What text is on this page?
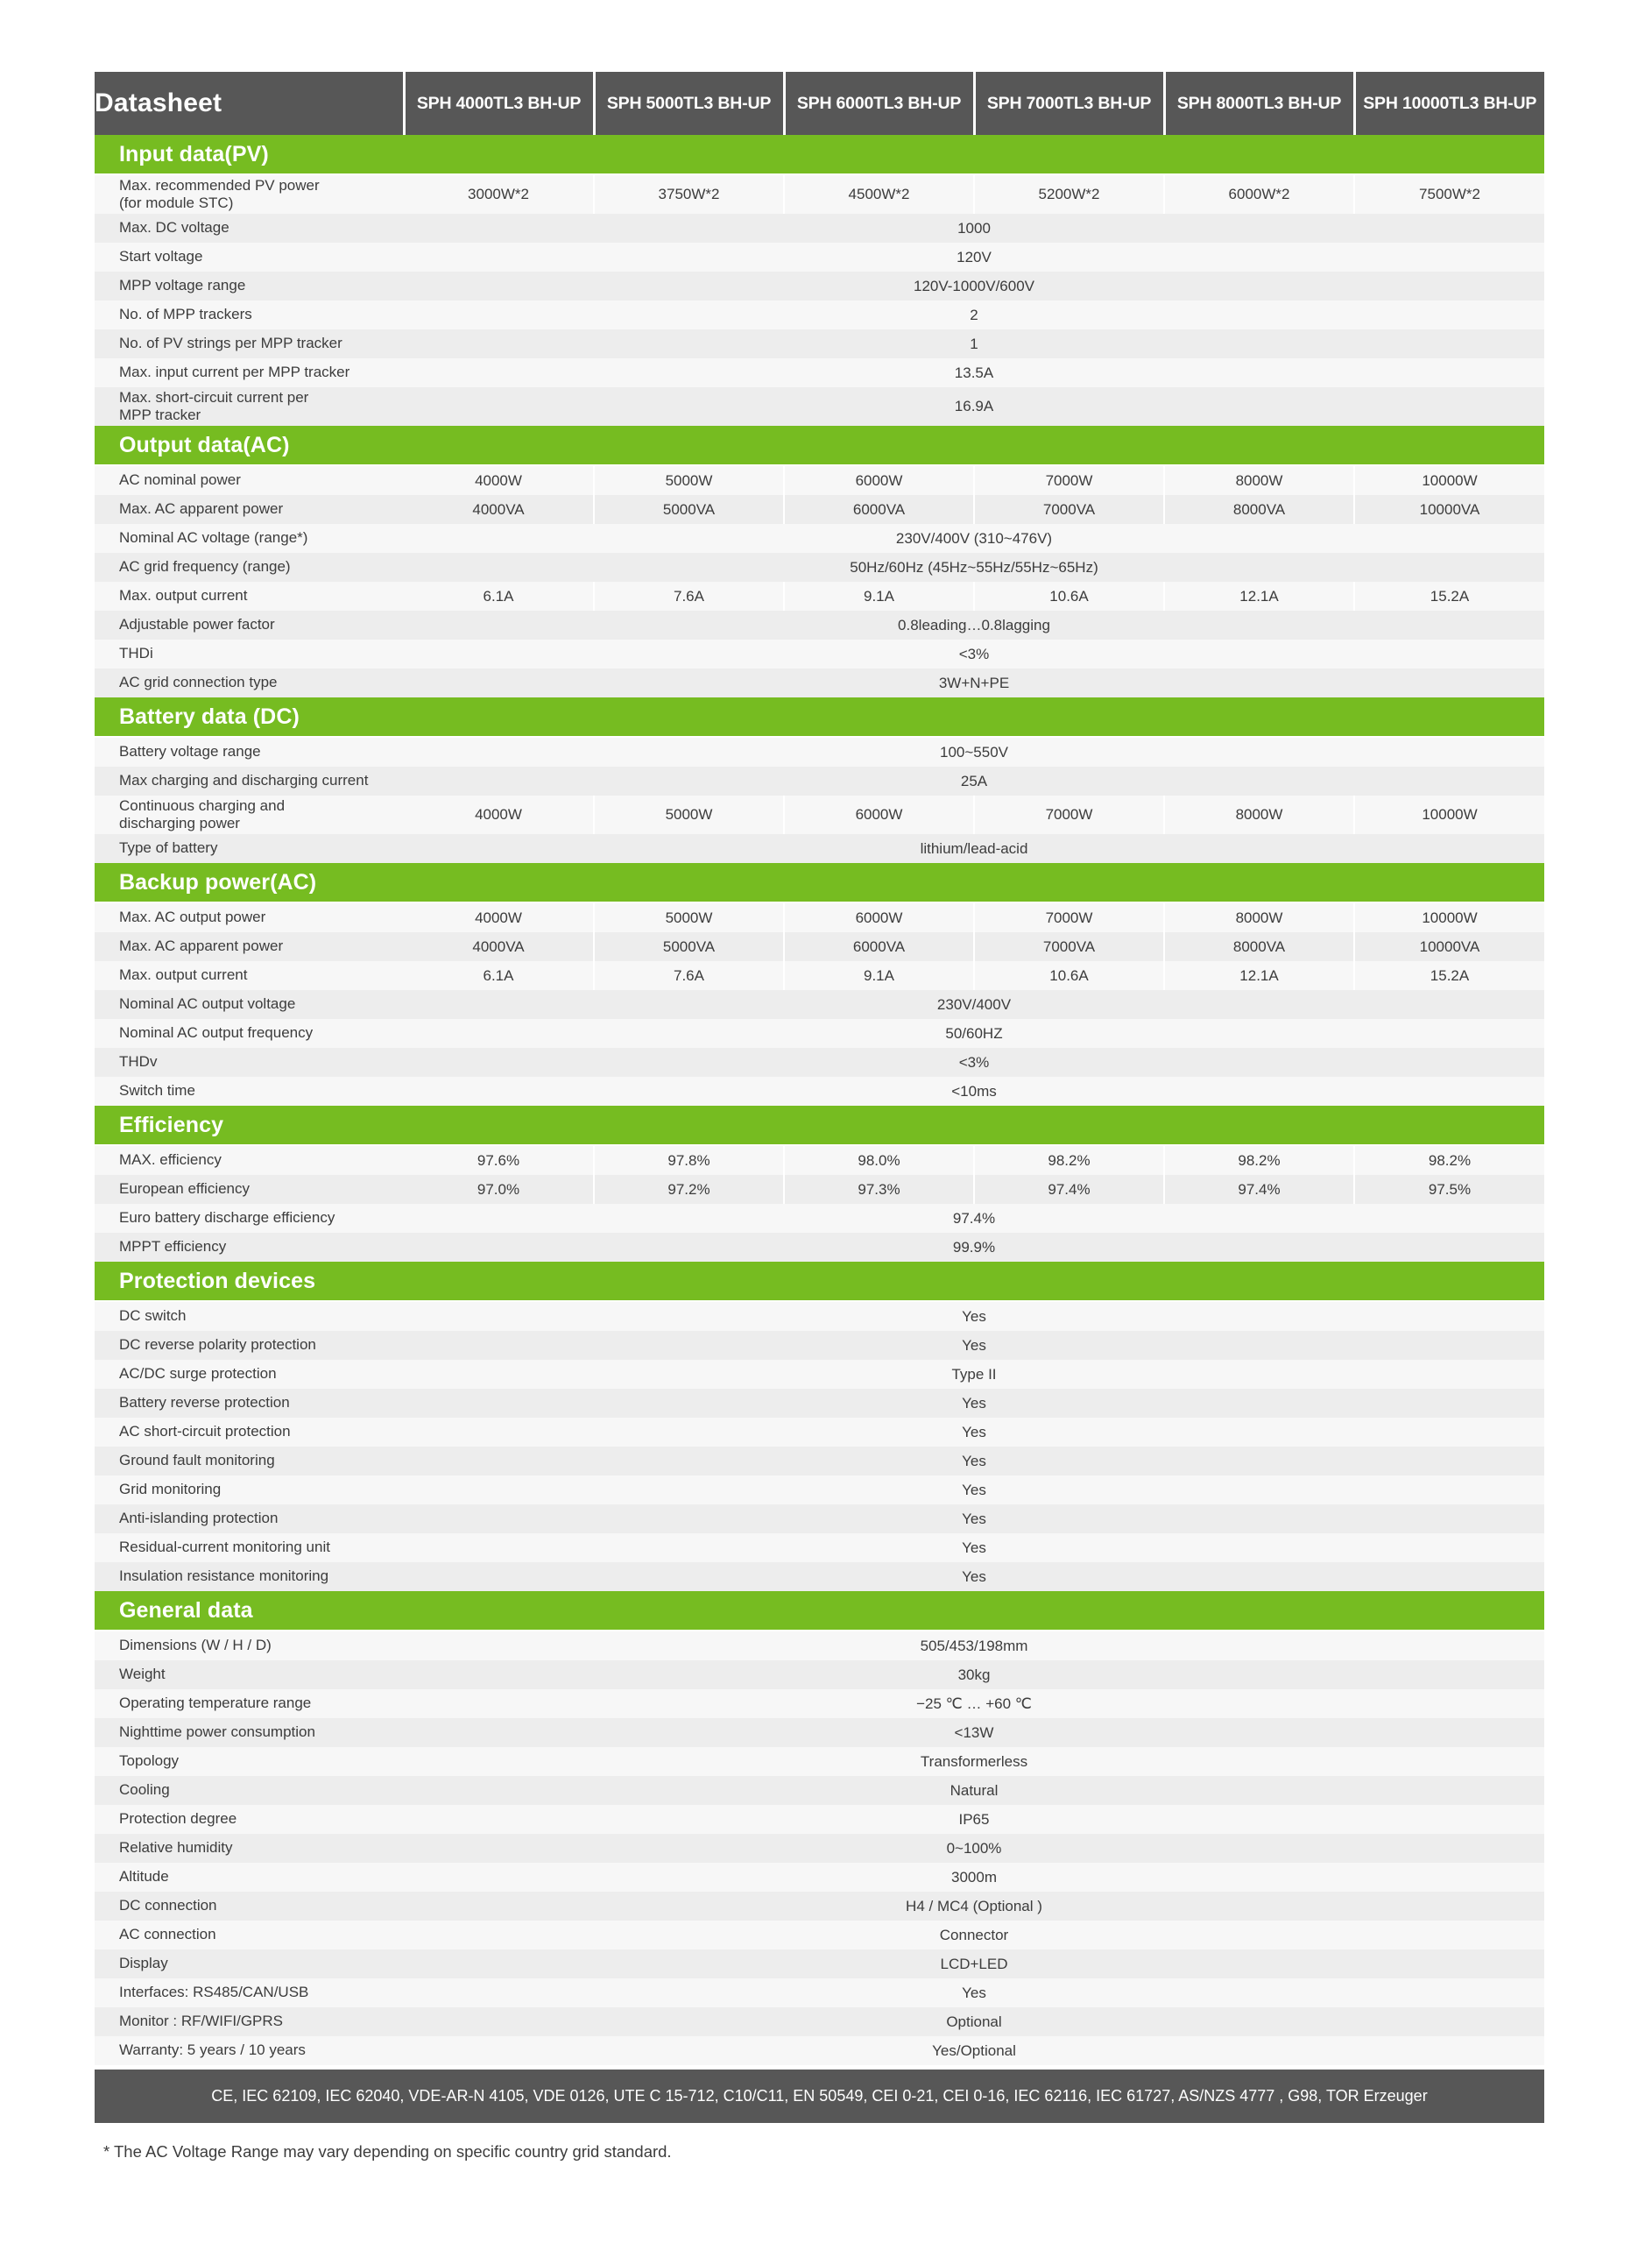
Datasheet	SPH 4000TL3 BH-UP	SPH 5000TL3 BH-UP	SPH 6000TL3 BH-UP	SPH 7000TL3 BH-UP	SPH 8000TL3 BH-UP	SPH 10000TL3 BH-UP
Input data(PV)						

Max. recommended PV power
(for module STC)	3000W*2	3750W*2	4500W*2	5200W*2	6000W*2	7500W*2

Max. DC voltage	1000					

Start voltage	120V					

MPP voltage range	120V-1000V/600V					

No. of MPP trackers	2					

No. of PV strings per MPP tracker	1					

Max. input current per MPP tracker	13.5A					

Max. short-circuit current per
MPP tracker	16.9A					
Output data(AC)						

AC nominal power	4000W	5000W	6000W	7000W	8000W	10000W

Max. AC apparent power	4000VA	5000VA	6000VA	7000VA	8000VA	10000VA

Nominal AC voltage (range*)	230V/400V (310~476V)					

AC grid frequency (range)	50Hz/60Hz (45Hz~55Hz/55Hz~65Hz)					

Max. output current	6.1A	7.6A	9.1A	10.6A	12.1A	15.2A

Adjustable power factor	0.8leading…0.8lagging					

THDi	<3%					

AC grid connection type	3W+N+PE					
Battery data (DC)						

Battery voltage range	100~550V					

Max charging and discharging current	25A					

Continuous charging and
discharging power	4000W	5000W	6000W	7000W	8000W	10000W

Type of battery	lithium/lead-acid					
Backup power(AC)						

Max. AC output power	4000W	5000W	6000W	7000W	8000W	10000W

Max. AC apparent power	4000VA	5000VA	6000VA	7000VA	8000VA	10000VA

Max. output current	6.1A	7.6A	9.1A	10.6A	12.1A	15.2A

Nominal AC output voltage	230V/400V					

Nominal AC output frequency	50/60HZ					

THDv	<3%					

Switch time	<10ms					
Efficiency						

MAX. efficiency	97.6%	97.8%	98.0%	98.2%	98.2%	98.2%

European efficiency	97.0%	97.2%	97.3%	97.4%	97.4%	97.5%

Euro battery discharge efficiency	97.4%					

MPPT efficiency	99.9%					
Protection devices						

DC switch	Yes					

DC reverse polarity protection	Yes					

AC/DC surge protection	Type II					

Battery reverse protection	Yes					

AC short-circuit protection	Yes					

Ground fault monitoring	Yes					

Grid monitoring	Yes					

Anti-islanding protection	Yes					

Residual-current monitoring unit	Yes					

Insulation resistance monitoring	Yes					
General data						

Dimensions (W / H / D)	505/453/198mm					

Weight	30kg					

Operating temperature range	−25 ℃ … +60 ℃					

Nighttime power consumption	<13W					

Topology	Transformerless					

Cooling	Natural					

Protection degree	IP65					

Relative humidity	0~100%					

Altitude	3000m					

DC connection	H4 / MC4 (Optional )					

AC connection	Connector					

Display	LCD+LED					

Interfaces: RS485/CAN/USB	Yes					

Monitor : RF/WIFI/GPRS	Optional					

Warranty: 5 years / 10 years	Yes/Optional					
CE, IEC 62109, IEC 62040, VDE-AR-N 4105, VDE 0126, UTE C 15-712, C10/C11, EN 50549, CEI 0-21, CEI 0-16, IEC 62116, IEC 61727, AS/NZS 4777 , G98, TOR Erzeuger
* The AC Voltage Range may vary depending on specific country grid standard.
